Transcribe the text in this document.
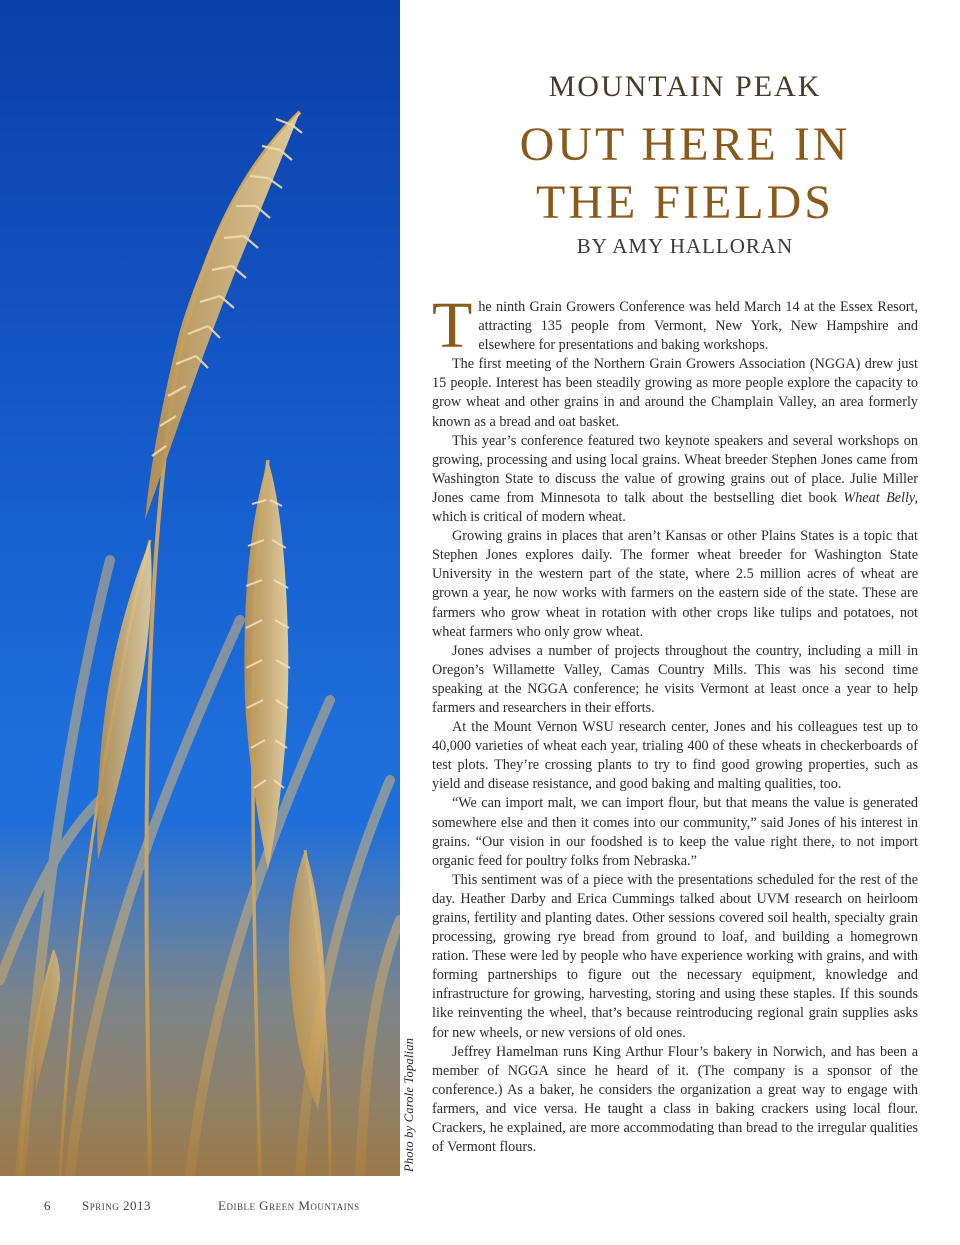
Photo by Carole Topalian
MOUNTAIN PEAK
OUT HERE IN
THE FIELDS
BY AMY HALLORAN

The ninth Grain Growers Conference was held March 14 at the Essex Resort, attracting 135 people from Vermont, New York, New Hampshire and elsewhere for presentations and baking workshops.

The first meeting of the Northern Grain Growers Association (NGGA) drew just 15 people. Interest has been steadily growing as more people explore the capacity to grow wheat and other grains in and around the Champlain Valley, an area formerly known as a bread and oat basket.

This year’s conference featured two keynote speakers and several workshops on growing, processing and using local grains. Wheat breeder Stephen Jones came from Washington State to discuss the value of growing grains out of place. Julie Miller Jones came from Minnesota to talk about the bestselling diet book Wheat Belly, which is critical of modern wheat.

Growing grains in places that aren’t Kansas or other Plains States is a topic that Stephen Jones explores daily. The former wheat breeder for Washington State University in the western part of the state, where 2.5 million acres of wheat are grown a year, he now works with farmers on the eastern side of the state. These are farmers who grow wheat in rotation with other crops like tulips and potatoes, not wheat farmers who only grow wheat.

Jones advises a number of projects throughout the country, including a mill in Oregon’s Willamette Valley, Camas Country Mills. This was his second time speaking at the NGGA conference; he visits Vermont at least once a year to help farmers and researchers in their efforts.

At the Mount Vernon WSU research center, Jones and his colleagues test up to 40,000 varieties of wheat each year, trialing 400 of these wheats in checkerboards of test plots. They’re crossing plants to try to find good growing properties, such as yield and disease resistance, and good baking and malting qualities, too.

“We can import malt, we can import flour, but that means the value is generated somewhere else and then it comes into our community,” said Jones of his interest in grains. “Our vision in our foodshed is to keep the value right there, to not import organic feed for poultry folks from Nebraska.”

This sentiment was of a piece with the presentations scheduled for the rest of the day. Heather Darby and Erica Cummings talked about UVM research on heirloom grains, fertility and planting dates. Other sessions covered soil health, specialty grain processing, growing rye bread from ground to loaf, and building a homegrown ration. These were led by people who have experience working with grains, and with forming partnerships to figure out the necessary equipment, knowledge and infrastructure for growing, harvesting, storing and using these staples. If this sounds like reinventing the wheel, that’s because reintroducing regional grain supplies asks for new wheels, or new versions of old ones.

Jeffrey Hamelman runs King Arthur Flour’s bakery in Norwich, and has been a member of NGGA since he heard of it. (The company is a sponsor of the conference.) As a baker, he considers the organization a great way to engage with farmers, and vice versa. He taught a class in baking crackers using local flour. Crackers, he explained, are more accommodating than bread to the irregular qualities of Vermont flours.

6 Spring 2013	Edible Green Mountains
